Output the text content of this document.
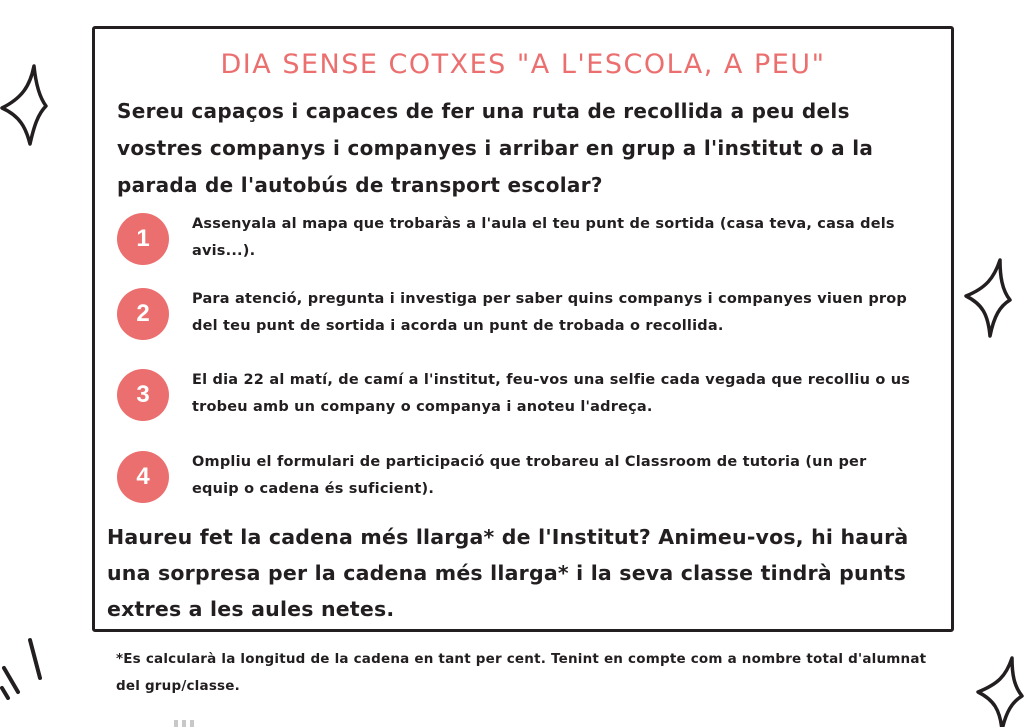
DIA SENSE COTXES "A L'ESCOLA, A PEU"
Sereu capaços i capaces de fer una ruta de recollida a peu dels vostres companys i companyes i arribar en grup a l'institut o a la parada de l'autobús de transport escolar?
1
Assenyala al mapa que trobaràs a l'aula el teu punt de sortida (casa teva, casa dels avis...).
2
Para atenció, pregunta i investiga per saber quins companys i companyes viuen prop del teu punt de sortida i acorda un punt de trobada o recollida.
3
El dia 22 al matí, de camí a l'institut, feu-vos una selfie cada vegada que recolliu o us trobeu amb un company o companya i anoteu l'adreça.
4
Ompliu el formulari de participació que trobareu al Classroom de tutoria (un per equip o cadena és suficient).
Haureu fet la cadena més llarga* de l'Institut? Animeu-vos, hi haurà una sorpresa per la cadena més llarga* i la seva classe tindrà punts extres a les aules netes.
*Es calcularà la longitud de la cadena en tant per cent. Tenint en compte com a nombre total d'alumnat del grup/classe.
